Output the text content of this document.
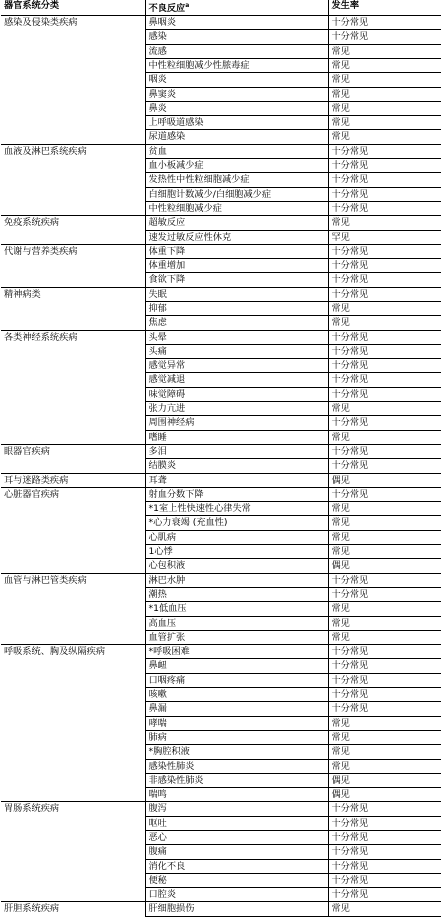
器官系统分类	不良反应$^a$	发生率
感染及侵染类疾病	鼻咽炎	十分常见
	感染	十分常见
	流感	常见
	中性粒细胞减少性脓毒症	常见
	咽炎	常见
	鼻窦炎	常见
	鼻炎	常见
	上呼吸道感染	常见
	尿道感染	常见
血液及淋巴系统疾病	贫血	十分常见
	血小板减少症	十分常见
	发热性中性粒细胞减少症	十分常见
	白细胞计数减少/白细胞减少症	十分常见
	中性粒细胞减少症	十分常见
免疫系统疾病	超敏反应	常见
	速发过敏反应性休克	罕见
代谢与营养类疾病	体重下降	十分常见
	体重增加	十分常见
	食欲下降	十分常见
精神病类	失眠	十分常见
	抑郁	常见
	焦虑	常见
各类神经系统疾病	头晕	十分常见
	头痛	十分常见
	感觉异常	十分常见
	感觉减退	十分常见
	味觉障碍	十分常见
	张力亢进	常见
	周围神经病	十分常见
	嗜睡	常见
眼器官疾病	多泪	十分常见
	结膜炎	十分常见
耳与迷路类疾病	耳聋	偶见
心脏器官疾病	射血分数下降	十分常见
	*1室上性快速性心律失常	常见
	*心力衰竭 (充血性)	常见
	心肌病	常见
	1心悸	常见
	心包积液	偶见
血管与淋巴管类疾病	淋巴水肿	十分常见
	潮热	十分常见
	*1低血压	常见
	高血压	常见
	血管扩张	常见
呼吸系统、胸及纵隔疾病	*呼吸困难	十分常见
	鼻衄	十分常见
	口咽疼痛	十分常见
	咳嗽	十分常见
	鼻漏	十分常见
	哮喘	常见
	肺病	常见
	*胸腔积液	常见
	感染性肺炎	常见
	非感染性肺炎	偶见
	喘鸣	偶见
胃肠系统疾病	腹泻	十分常见
	呕吐	十分常见
	恶心	十分常见
	腹痛	十分常见
	消化不良	十分常见
	便秘	十分常见
	口腔炎	十分常见
肝胆系统疾病	肝细胞损伤	常见
